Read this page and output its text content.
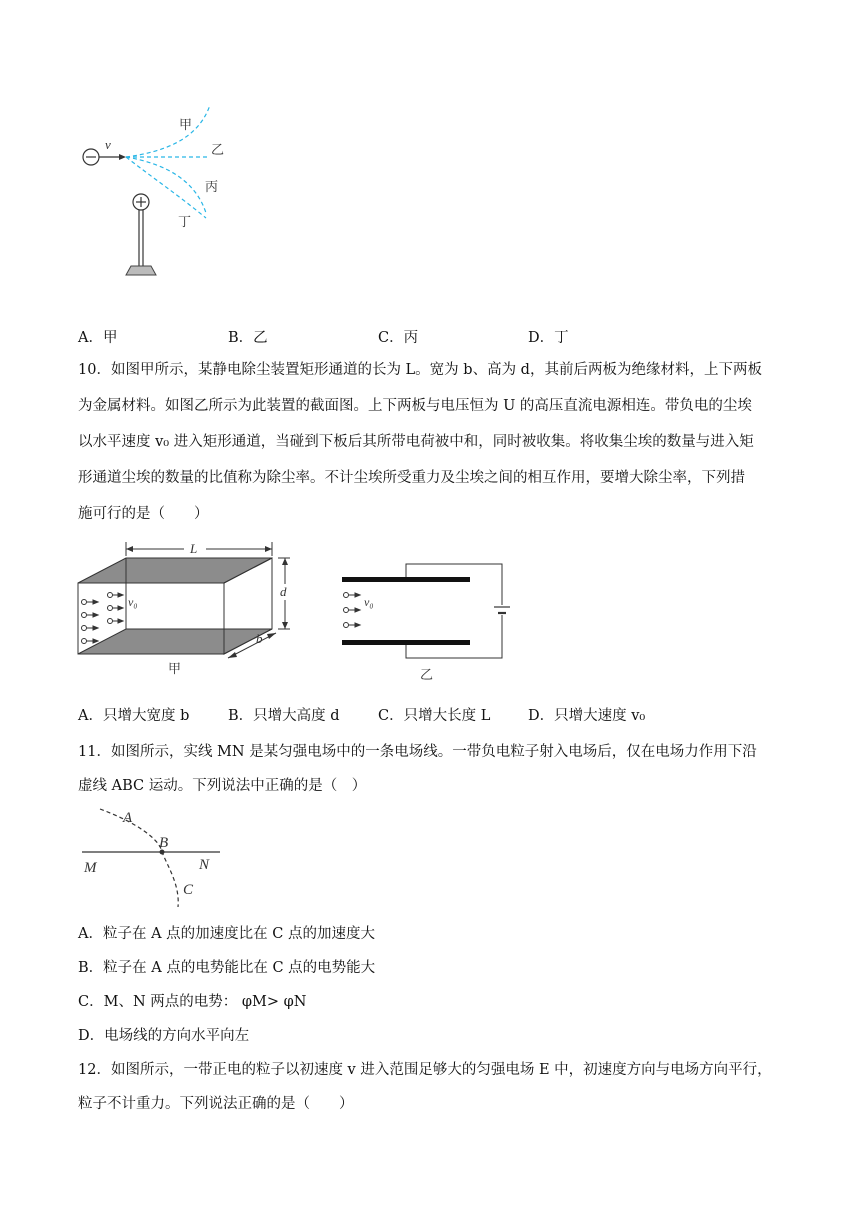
v
甲
乙
丙
丁
A．甲	B．乙	C．丙	D．丁
10．如图甲所示，某静电除尘装置矩形通道的长为 L。宽为 b、高为 d，其前后两板为绝缘材料，上下两板
为金属材料。如图乙所示为此装置的截面图。上下两板与电压恒为 U 的高压直流电源相连。带负电的尘埃
以水平速度 v₀ 进入矩形通道，当碰到下板后其所带电荷被中和，同时被收集。将收集尘埃的数量与进入矩
形通道尘埃的数量的比值称为除尘率。不计尘埃所受重力及尘埃之间的相互作用，要增大除尘率，下列措
施可行的是（　　）
L
v₀
d
b
甲
v₀
乙
A．只增大宽度 b	B．只增大高度 d	C．只增大长度 L	D．只增大速度 v₀
11．如图所示，实线 MN 是某匀强电场中的一条电场线。一带负电粒子射入电场后，仅在电场力作用下沿
虚线 ABC 运动。下列说法中正确的是（　）
A
B
C
M	N
A．粒子在 A 点的加速度比在 C 点的加速度大
B．粒子在 A 点的电势能比在 C 点的电势能大
C．M、N 两点的电势： φM> φN
D．电场线的方向水平向左
12．如图所示，一带正电的粒子以初速度 v 进入范围足够大的匀强电场 E 中，初速度方向与电场方向平行，
粒子不计重力。下列说法正确的是（　　）
